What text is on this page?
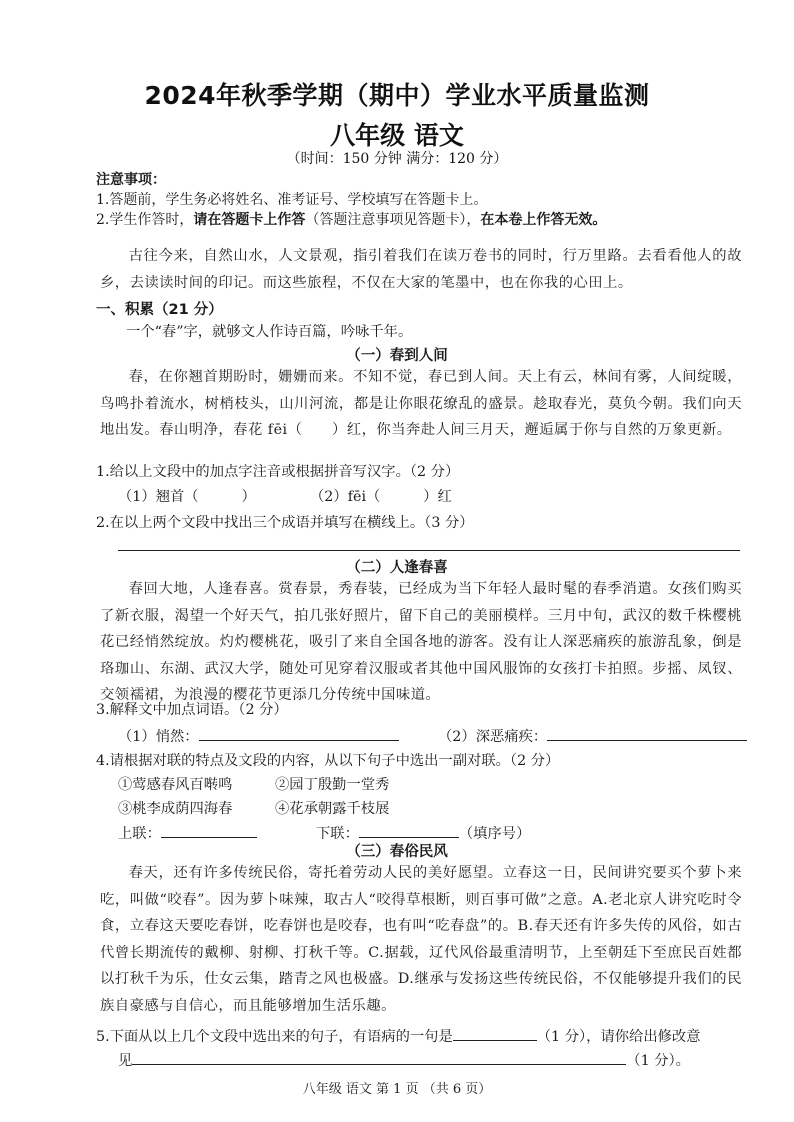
2024年秋季学期（期中）学业水平质量监测
八年级 语文
（时间：150 分钟 满分：120 分）
注意事项：
1.答题前，学生务必将姓名、准考证号、学校填写在答题卡上。
2.学生作答时，请在答题卡上作答（答题注意事项见答题卡），在本卷上作答无效。

古往今来，自然山水，人文景观，指引着我们在读万卷书的同时，行万里路。去看看他人的故乡，去读读时间的印记。而这些旅程，不仅在大家的笔墨中，也在你我的心田上。

一、积累（21 分）
一个“春”字，就够文人作诗百篇，吟咏千年。
（一）春到人间

春，在你翘首期盼时，姗姗而来。不知不觉，春已到人间。天上有云，林间有雾，人间绽暖，鸟鸣扑着流水，树梢枝头，山川河流，都是让你眼花缭乱的盛景。趁取春光，莫负今朝。我们向天地出发。春山明净，春花 fēi（　　）红，你当奔赴人间三月天，邂逅属于你与自然的万象更新。

1.给以上文段中的加点字注音或根据拼音写汉字。（2 分）
（1）翘首（　　　）	（2）fēi（　　　）红
2.在以上两个文段中找出三个成语并填写在横线上。（3 分）
（二）人逢春喜

春回大地，人逢春喜。赏春景，秀春装，已经成为当下年轻人最时髦的春季消遣。女孩们购买了新衣服，渴望一个好天气，拍几张好照片，留下自己的美丽模样。三月中旬，武汉的数千株樱桃花已经悄然绽放。灼灼樱桃花，吸引了来自全国各地的游客。没有让人深恶痛疾的旅游乱象，倒是珞珈山、东湖、武汉大学，随处可见穿着汉服或者其他中国风服饰的女孩打卡拍照。步摇、凤钗、交领襦裙，为浪漫的樱花节更添几分传统中国味道。

3.解释文中加点词语。（2 分）
（1）悄然：	（2）深恶痛疾：
4.请根据对联的特点及文段的内容，从以下句子中选出一副对联。（2 分）
①莺感春风百啭鸣	②园丁殷勤一堂秀
③桃李成荫四海春	④花承朝露千枝展
上联：	下联：	（填序号）
（三）春俗民风

春天，还有许多传统民俗，寄托着劳动人民的美好愿望。立春这一日，民间讲究要买个萝卜来吃，叫做“咬春”。因为萝卜味辣，取古人“咬得草根断，则百事可做”之意。A.老北京人讲究吃时令食，立春这天要吃春饼，吃春饼也是咬春，也有叫“吃春盘”的。B.春天还有许多失传的风俗，如古代曾长期流传的戴柳、射柳、打秋千等。C.据载，辽代风俗最重清明节，上至朝廷下至庶民百姓都以打秋千为乐，仕女云集，踏青之风也极盛。D.继承与发扬这些传统民俗，不仅能够提升我们的民族自豪感与自信心，而且能够增加生活乐趣。

5.下面从以上几个文段中选出来的句子，有语病的一句是	（1 分），请你给出修改意
见	（1 分）。
八年级 语文 第 1 页 （共 6 页）
